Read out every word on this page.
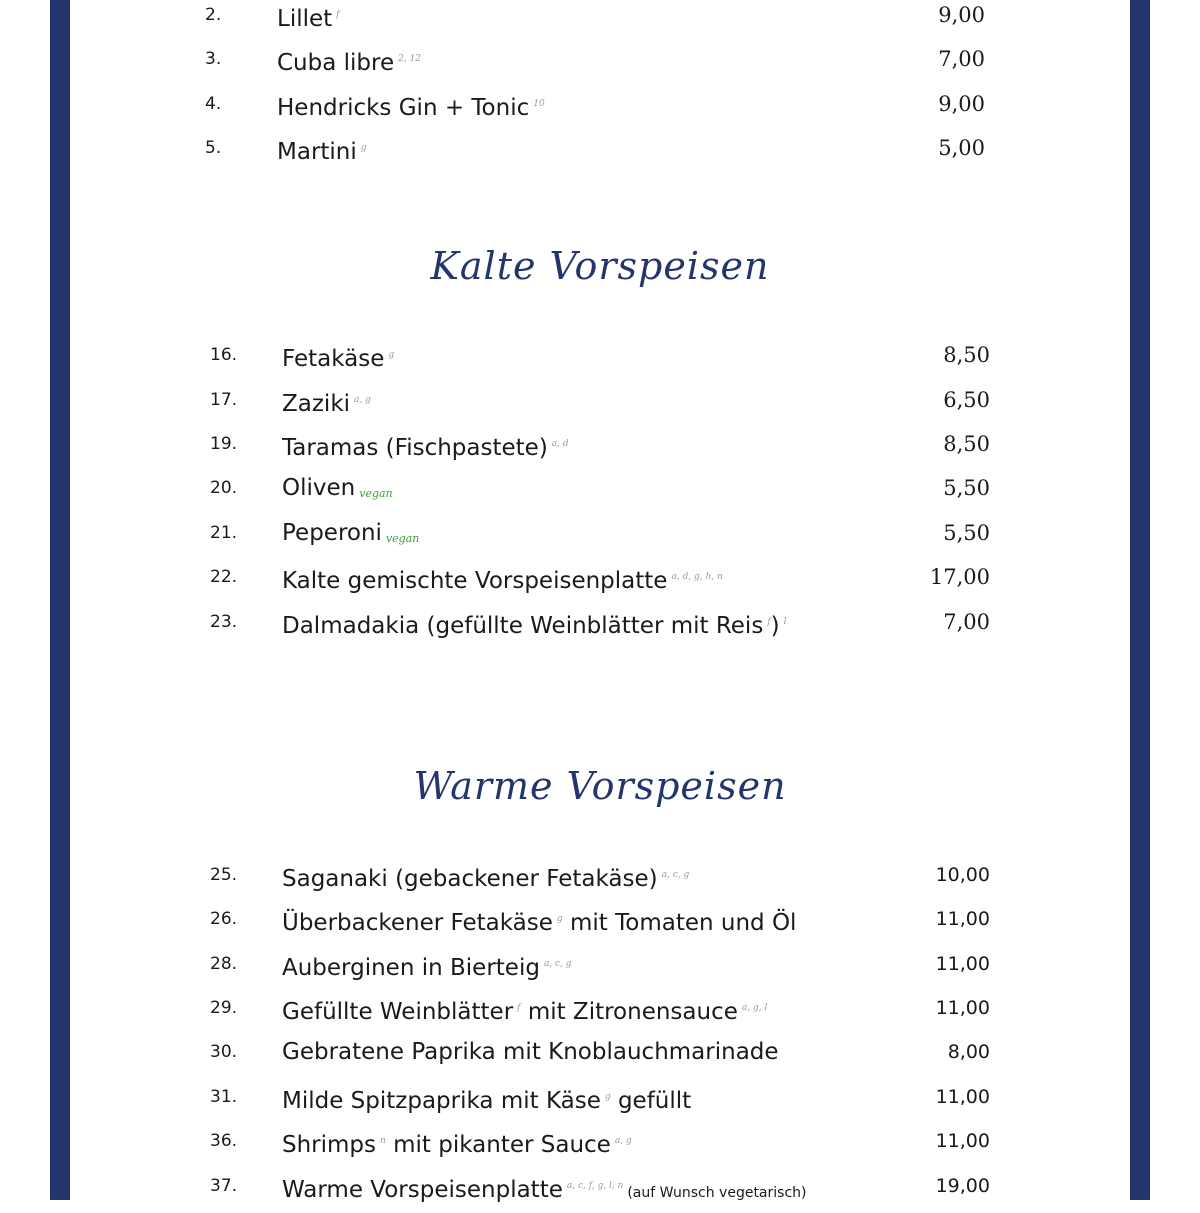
2. Lillet $^f$	9,00
3. Cuba libre $^{2, 12}$	7,00
4. Hendricks Gin + Tonic $^{10}$	9,00
5. Martini $^g$	5,00
Kalte Vorspeisen
16. Fetakäse $^g$	8,50
17. Zaziki $^{a, g}$	6,50
19. Taramas (Fischpastete) $^{a, d}$	8,50
20. Oliven vegan	5,50
21. Peperoni vegan	5,50
22. Kalte gemischte Vorspeisenplatte $^{a, d, g, h, n}$	17,00
23. Dalmadakia (gefüllte Weinblätter mit Reis $^f$) $^l$	7,00
Warme Vorspeisen
25. Saganaki (gebackener Fetakäse) $^{a, c, g}$	10,00
26. Überbackener Fetakäse $^g$ mit Tomaten und Öl	11,00
28. Auberginen in Bierteig $^{a, c, g}$	11,00
29. Gefüllte Weinblätter $^f$ mit Zitronensauce $^{a, g, l}$	11,00
30. Gebratene Paprika mit Knoblauchmarinade	8,00
31. Milde Spitzpaprika mit Käse $^g$ gefüllt	11,00
36. Shrimps $^n$ mit pikanter Sauce $^{a, g}$	11,00
37. Warme Vorspeisenplatte $^{a, c, f, g, l, n}$ (auf Wunsch vegetarisch)	19,00
